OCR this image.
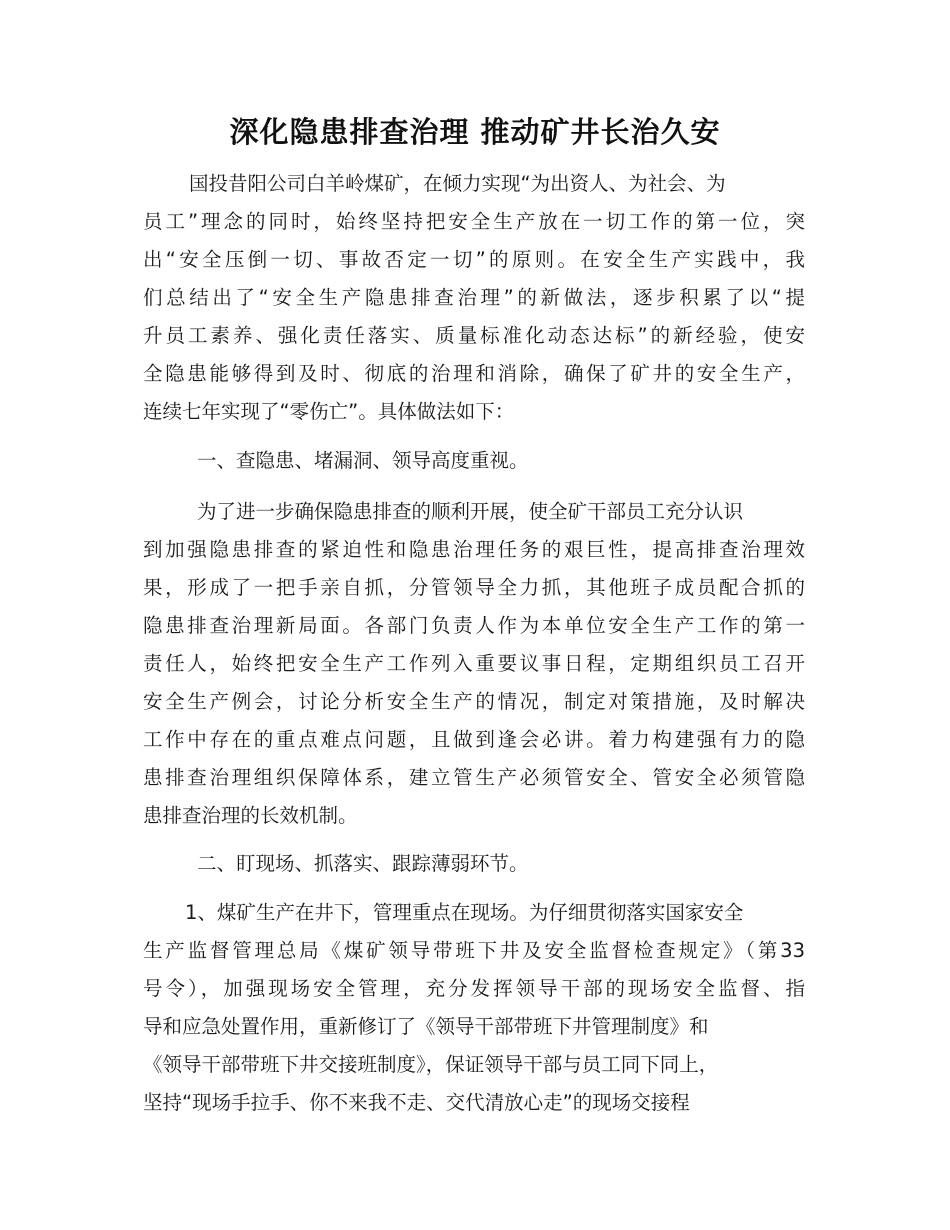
深化隐患排查治理 推动矿井长治久安
国投昔阳公司白羊岭煤矿，在倾力实现“为出资人、为社会、为
员工”理念的同时，始终坚持把安全生产放在一切工作的第一位，突
出“安全压倒一切、事故否定一切”的原则。在安全生产实践中，我
们总结出了“安全生产隐患排查治理”的新做法，逐步积累了以“提
升员工素养、强化责任落实、质量标准化动态达标”的新经验，使安
全隐患能够得到及时、彻底的治理和消除，确保了矿井的安全生产，
连续七年实现了“零伤亡”。具体做法如下：
一、查隐患、堵漏洞、领导高度重视。
为了进一步确保隐患排查的顺利开展，使全矿干部员工充分认识
到加强隐患排查的紧迫性和隐患治理任务的艰巨性，提高排查治理效
果，形成了一把手亲自抓，分管领导全力抓，其他班子成员配合抓的
隐患排查治理新局面。各部门负责人作为本单位安全生产工作的第一
责任人，始终把安全生产工作列入重要议事日程，定期组织员工召开
安全生产例会，讨论分析安全生产的情况，制定对策措施，及时解决
工作中存在的重点难点问题，且做到逢会必讲。着力构建强有力的隐
患排查治理组织保障体系，建立管生产必须管安全、管安全必须管隐
患排查治理的长效机制。
二、盯现场、抓落实、跟踪薄弱环节。
1、煤矿生产在井下，管理重点在现场。为仔细贯彻落实国家安全
生产监督管理总局《煤矿领导带班下井及安全监督检查规定》（第33
号令），加强现场安全管理，充分发挥领导干部的现场安全监督、指
导和应急处置作用，重新修订了《领导干部带班下井管理制度》和
《领导干部带班下井交接班制度》，保证领导干部与员工同下同上，
坚持“现场手拉手、你不来我不走、交代清放心走”的现场交接程
